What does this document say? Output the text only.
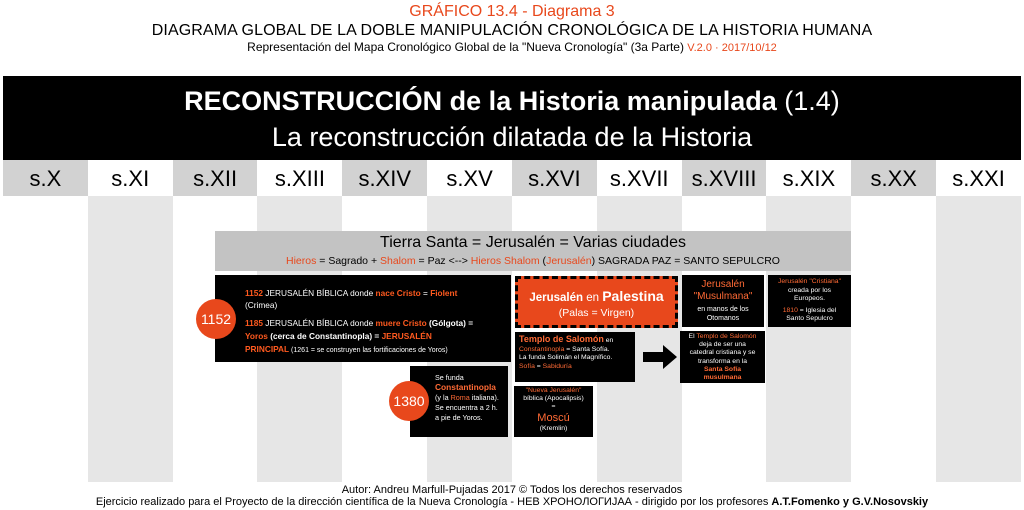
GRÁFICO 13.4 - Diagrama 3
DIAGRAMA GLOBAL DE LA DOBLE MANIPULACIÓN CRONOLÓGICA DE LA HISTORIA HUMANA
Representación del Mapa Cronológico Global de la "Nueva Cronología" (3a Parte) V.2.0 · 2017/10/12
RECONSTRUCCIÓN de la Historia manipulada (1.4)
La reconstrucción dilatada de la Historia
s.X	s.XI	s.XII	s.XIII	s.XIV	s.XV	s.XVI	s.XVII	s.XVIII	s.XIX	s.XX	s.XXI
Tierra Santa = Jerusalén = Varias ciudades
Hieros = Sagrado + Shalom = Paz <--> Hieros Shalom (Jerusalén) SAGRADA PAZ = SANTO SEPULCRO
1152 JERUSALÉN BÍBLICA donde nace Cristo = Fiolent
(Crimea)
1185 JERUSALÉN BÍBLICA donde muere Cristo (Gólgota) =
Yoros (cerca de Constantinopla) = JERUSALÉN
PRINCIPAL (1261 = se construyen las fortificaciones de Yoros)
1152
Se funda
Constantinopla
(y la Roma italiana).
Se encuentra a 2 h.
a pie de Yoros.
1380
Jerusalén en Palestina
(Palas = Virgen)
Jerusalén
"Musulmana"
en manos de los
Otomanos
Jerusalén "Cristiana"
creada por los
Europeos.
1810 = Iglesia del
Santo Sepulcro
Templo de Salomón en
Constantinopla = Santa Sofía.
La funda Solimán el Magnífico.
Sofía = Sabiduría
El Templo de Salomón
deja de ser una
catedral cristiana y se
transforma en la
Santa Sofía
musulmana
"Nueva Jerusalén"
bíblica (Apocalipsis)
=
Moscú
(Kremlin)
Autor: Andreu Marfull-Pujadas 2017 © Todos los derechos reservados
Ejercicio realizado para el Proyecto de la dirección científica de la Nueva Cronología - НЕВ ХРОНОЛОГИЈАА - dirigido por los profesores A.T.Fomenko y G.V.Nosovskiy
